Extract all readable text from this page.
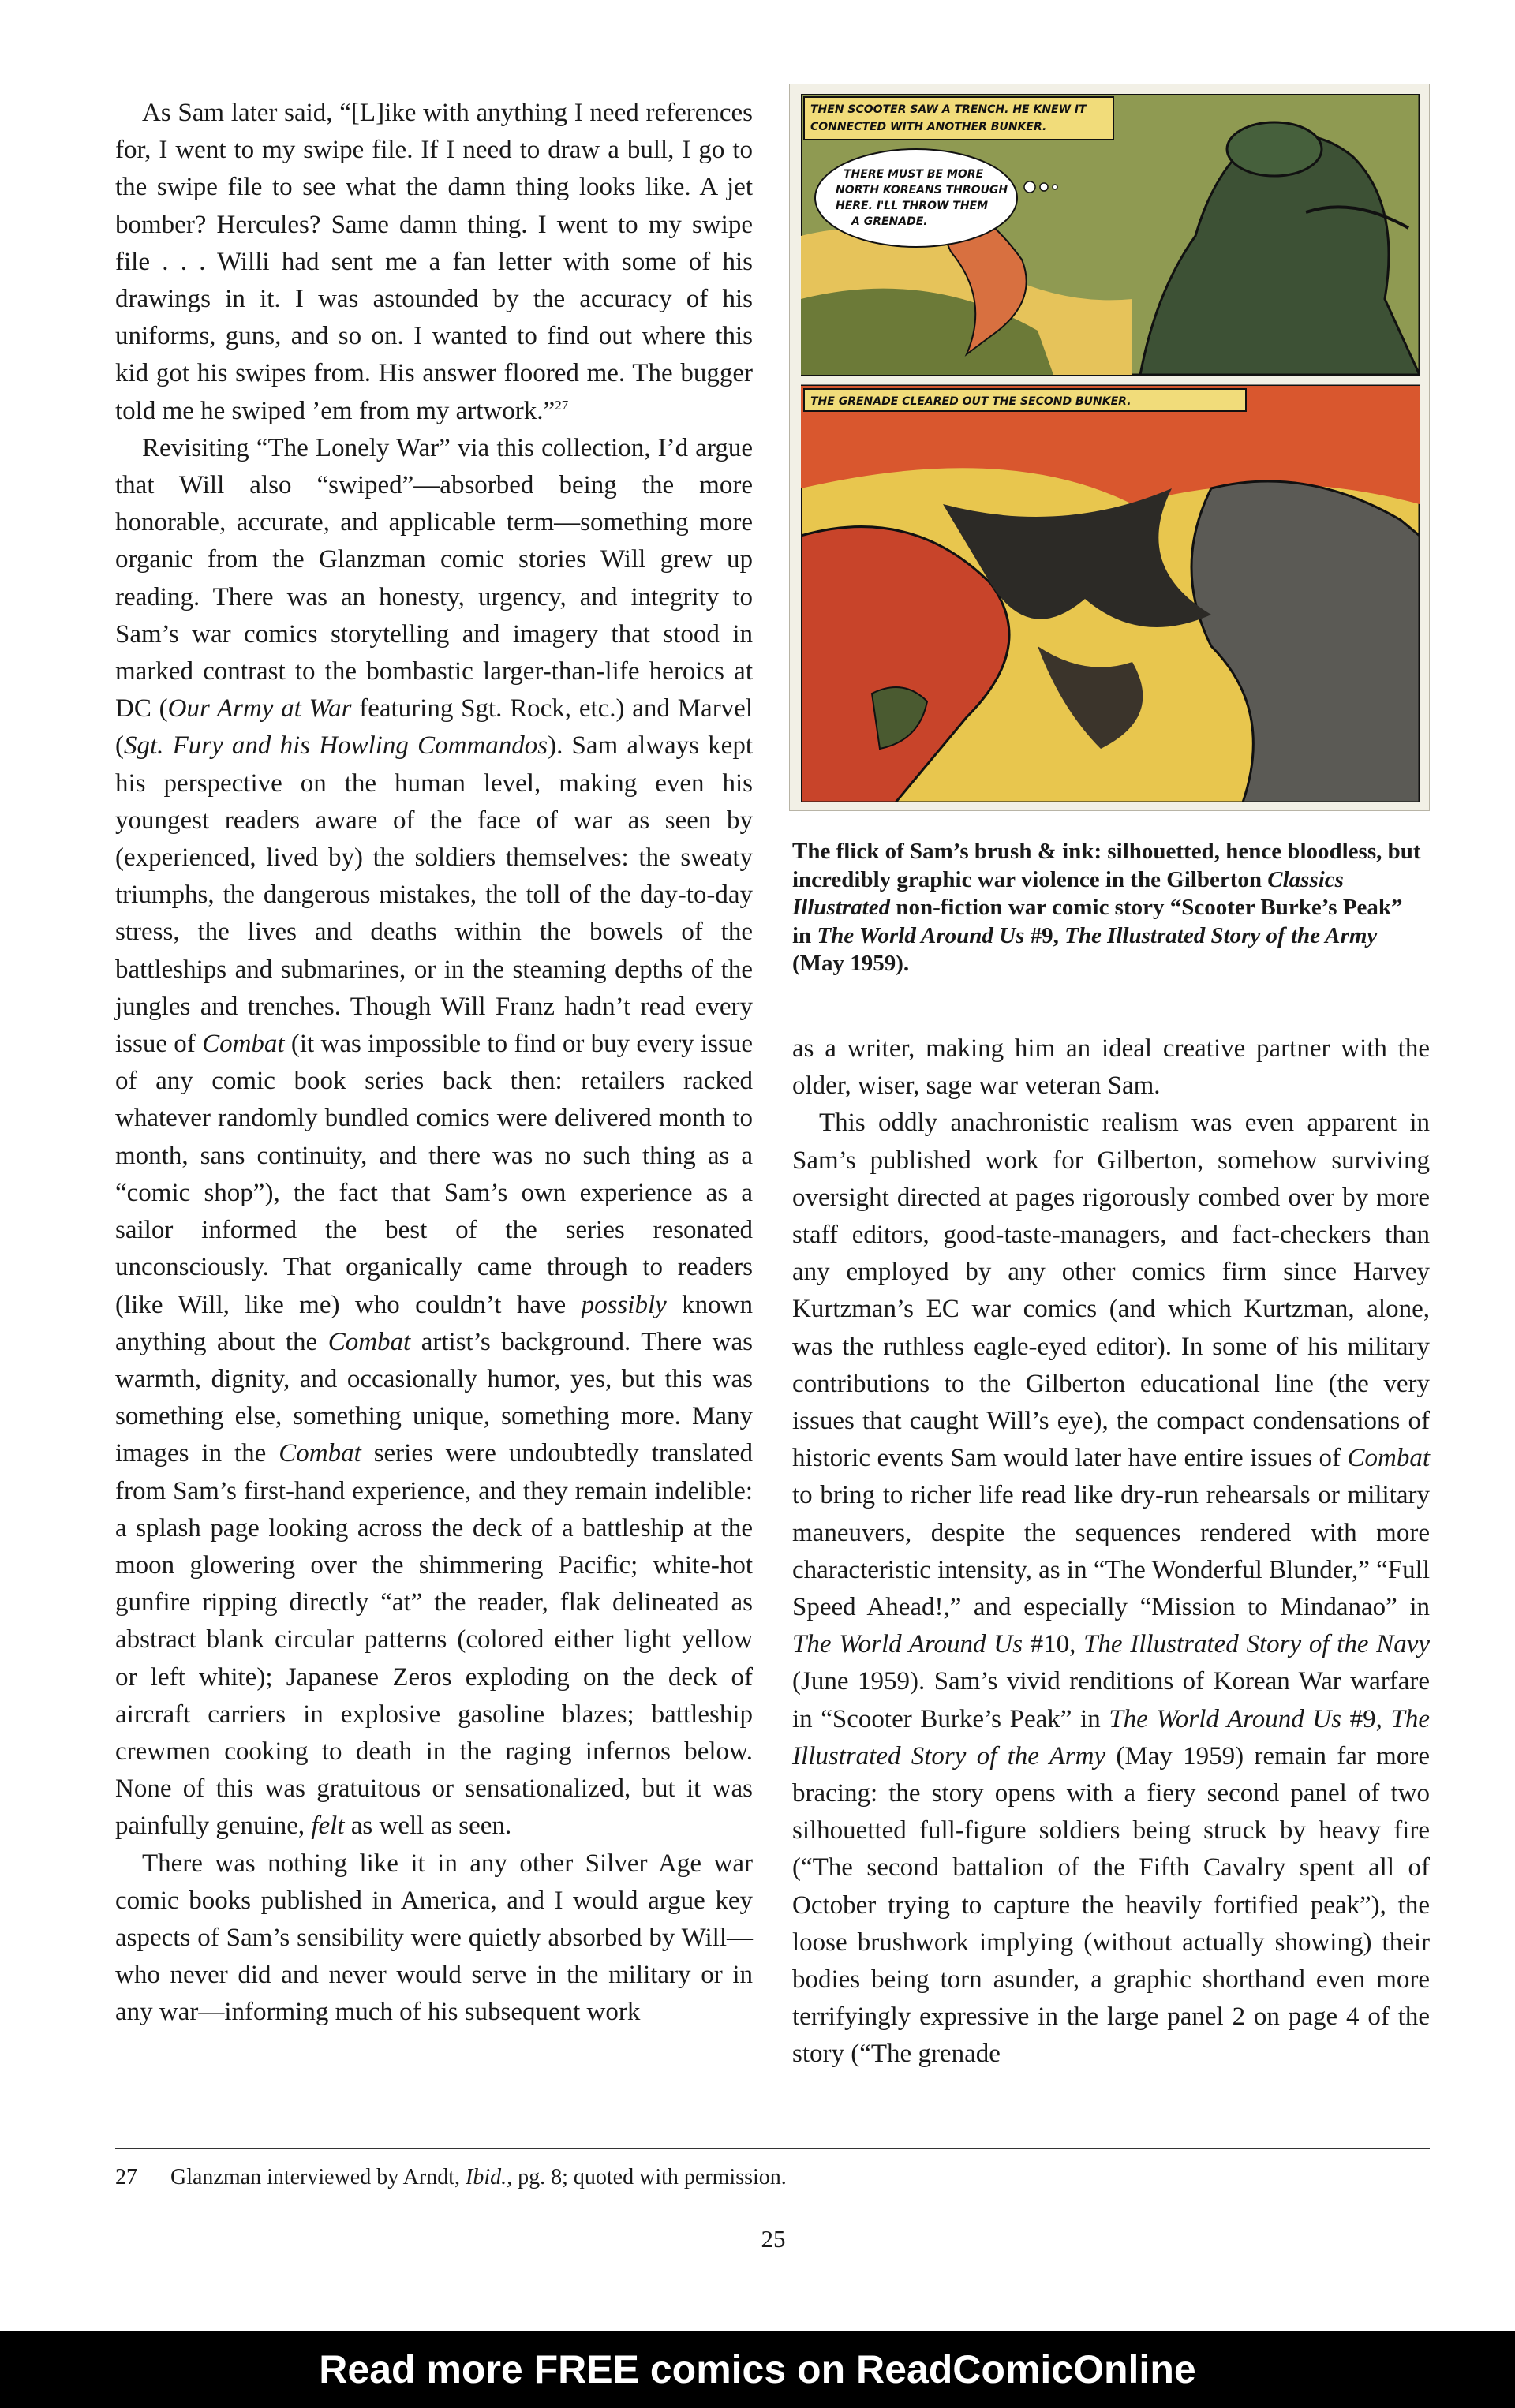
As Sam later said, “[L]ike with anything I need references for, I went to my swipe file. If I need to draw a bull, I go to the swipe file to see what the damn thing looks like. A jet bomber? Hercules? Same damn thing. I went to my swipe file . . . Willi had sent me a fan letter with some of his drawings in it. I was astounded by the accuracy of his uniforms, guns, and so on. I wanted to find out where this kid got his swipes from. His answer floored me. The bugger told me he swiped ’em from my artwork.”$^{27}$

Revisiting “The Lonely War” via this collection, I’d argue that Will also “swiped”—absorbed being the more honorable, accurate, and applicable term—something more organic from the Glanzman comic stories Will grew up reading. There was an honesty, urgency, and integrity to Sam’s war comics storytelling and imagery that stood in marked contrast to the bombastic larger-than-life heroics at DC (Our Army at War featuring Sgt. Rock, etc.) and Marvel (Sgt. Fury and his Howling Commandos). Sam always kept his perspective on the human level, making even his youngest readers aware of the face of war as seen by (experienced, lived by) the soldiers themselves: the sweaty triumphs, the dangerous mistakes, the toll of the day-to-day stress, the lives and deaths within the bowels of the battleships and submarines, or in the steaming depths of the jungles and trenches. Though Will Franz hadn’t read every issue of Combat (it was impossible to find or buy every issue of any comic book series back then: retailers racked whatever randomly bundled comics were delivered month to month, sans continuity, and there was no such thing as a “comic shop”), the fact that Sam’s own experience as a sailor informed the best of the series resonated unconsciously. That organically came through to readers (like Will, like me) who couldn’t have possibly known anything about the Combat artist’s background. There was warmth, dignity, and occasionally humor, yes, but this was something else, something unique, something more. Many images in the Combat series were undoubtedly translated from Sam’s first-hand experience, and they remain indelible: a splash page looking across the deck of a battleship at the moon glowering over the shimmering Pacific; white-hot gunfire ripping directly “at” the reader, flak delineated as abstract blank circular patterns (colored either light yellow or left white); Japanese Zeros exploding on the deck of aircraft carriers in explosive gasoline blazes; battleship crewmen cooking to death in the raging infernos below. None of this was gratuitous or sensationalized, but it was painfully genuine, felt as well as seen.

There was nothing like it in any other Silver Age war comic books published in America, and I would argue key aspects of Sam’s sensibility were quietly absorbed by Will—who never did and never would serve in the military or in any war—informing much of his subsequent work

THEN SCOOTER SAW A TRENCH. HE KNEW IT
CONNECTED WITH ANOTHER BUNKER.
THERE MUST BE MORE
NORTH KOREANS THROUGH
HERE. I'LL THROW THEM
A GRENADE.
THE GRENADE CLEARED OUT THE SECOND BUNKER.
The flick of Sam’s brush & ink: silhouetted, hence bloodless, but incredibly graphic war violence in the Gilberton Classics Illustrated non-fiction war comic story “Scooter Burke’s Peak” in The World Around Us #9, The Illustrated Story of the Army (May 1959).

as a writer, making him an ideal creative partner with the older, wiser, sage war veteran Sam.

This oddly anachronistic realism was even apparent in Sam’s published work for Gilberton, somehow surviving oversight directed at pages rigorously combed over by more staff editors, good-taste-managers, and fact-checkers than any employed by any other comics firm since Harvey Kurtzman’s EC war comics (and which Kurtzman, alone, was the ruthless eagle-eyed editor). In some of his military contributions to the Gilberton educational line (the very issues that caught Will’s eye), the compact condensations of historic events Sam would later have entire issues of Combat to bring to richer life read like dry-run rehearsals or military maneuvers, despite the sequences rendered with more characteristic intensity, as in “The Wonderful Blunder,” “Full Speed Ahead!,” and especially “Mission to Mindanao” in The World Around Us #10, The Illustrated Story of the Navy (June 1959). Sam’s vivid renditions of Korean War warfare in “Scooter Burke’s Peak” in The World Around Us #9, The Illustrated Story of the Army (May 1959) remain far more bracing: the story opens with a fiery second panel of two silhouetted full-figure soldiers being struck by heavy fire (“The second battalion of the Fifth Cavalry spent all of October trying to capture the heavily fortified peak”), the loose brushwork implying (without actually showing) their bodies being torn asunder, a graphic shorthand even more terrifyingly expressive in the large panel 2 on page 4 of the story (“The grenade

27 Glanzman interviewed by Arndt, Ibid., pg. 8; quoted with permission.
25
Read more FREE comics on ReadComicOnline
